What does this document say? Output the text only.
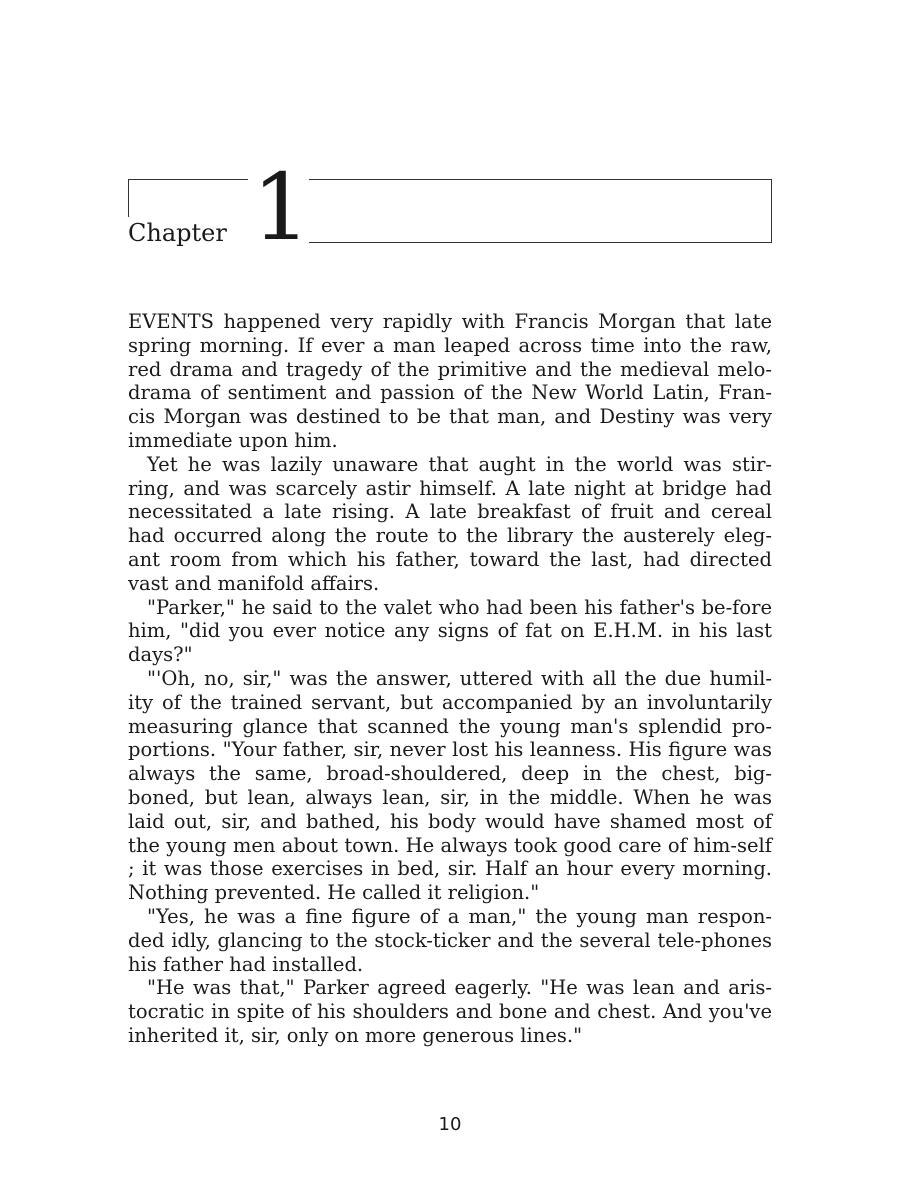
Chapter 1

EVENTS happened very rapidly with Francis Morgan that late spring morning. If ever a man leaped across time into the raw, red drama and tragedy of the primitive and the medieval melo-drama of sentiment and passion of the New World Latin, Fran-cis Morgan was destined to be that man, and Destiny was very immediate upon him.

Yet he was lazily unaware that aught in the world was stir-ring, and was scarcely astir himself. A late night at bridge had necessitated a late rising. A late breakfast of fruit and cereal had occurred along the route to the library the austerely eleg-ant room from which his father, toward the last, had directed vast and manifold affairs.

"Parker," he said to the valet who had been his father's be-fore him, "did you ever notice any signs of fat on E.H.M. in his last days?"

"'Oh, no, sir," was the answer, uttered with all the due humil-ity of the trained servant, but accompanied by an involuntarily measuring glance that scanned the young man's splendid pro-portions. "Your father, sir, never lost his leanness. His figure was always the same, broad-shouldered, deep in the chest, big-boned, but lean, always lean, sir, in the middle. When he was laid out, sir, and bathed, his body would have shamed most of the young men about town. He always took good care of him-self ; it was those exercises in bed, sir. Half an hour every morning. Nothing prevented. He called it religion."

"Yes, he was a fine figure of a man," the young man respon-ded idly, glancing to the stock-ticker and the several tele-phones his father had installed.

"He was that," Parker agreed eagerly. "He was lean and aris-tocratic in spite of his shoulders and bone and chest. And you've inherited it, sir, only on more generous lines."

10
